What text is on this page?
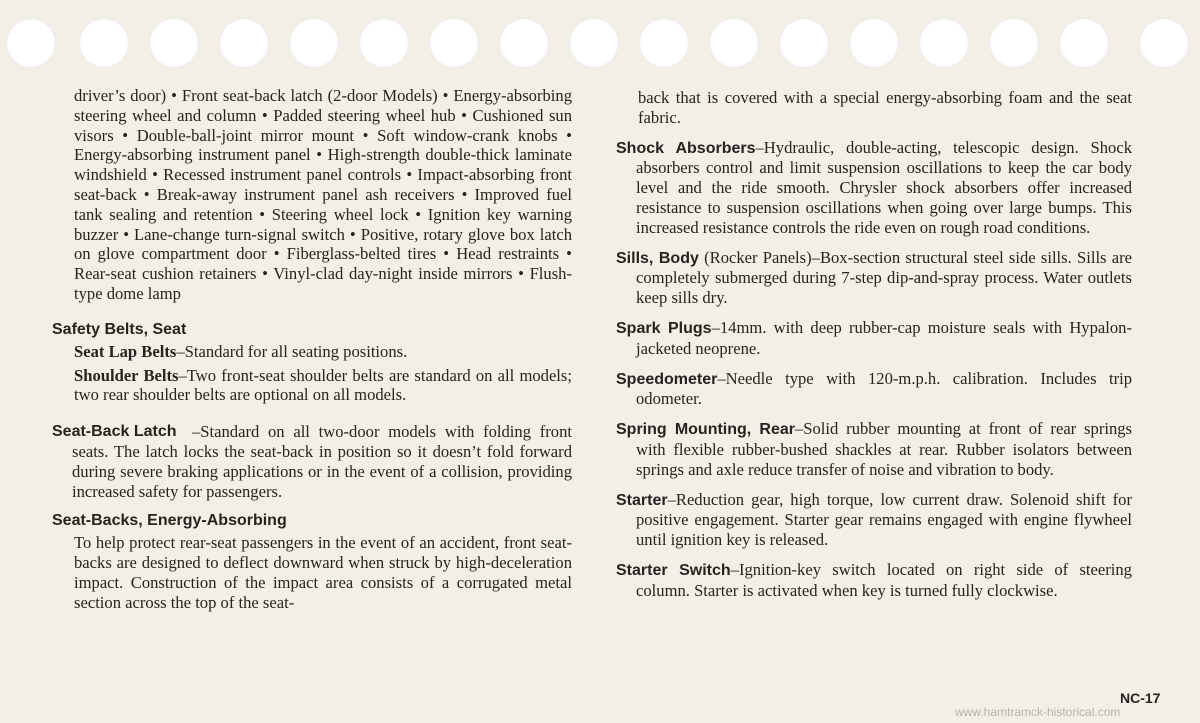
driver’s door) • Front seat-back latch (2-door Models) • Energy-absorbing steering wheel and column • Padded steering wheel hub • Cushioned sun visors • Double-ball-joint mirror mount • Soft window-crank knobs • Energy-absorbing instrument panel • High-strength double-thick laminate windshield • Recessed instrument panel controls • Impact-absorbing front seat-back • Break-away instrument panel ash receivers • Improved fuel tank sealing and retention • Steering wheel lock • Ignition key warning buzzer • Lane-change turn-signal switch • Positive, rotary glove box latch on glove compartment door • Fiberglass-belted tires • Head restraints • Rear-seat cushion retainers • Vinyl-clad day-night inside mirrors • Flush-type dome lamp

Safety Belts, Seat

Seat Lap Belts–Standard for all seating positions.

Shoulder Belts–Two front-seat shoulder belts are standard on all models; two rear shoulder belts are optional on all models.

Seat-Back Latch –Standard on all two-door models with folding front seats. The latch locks the seat-back in position so it doesn’t fold forward during severe braking applications or in the event of a collision, providing increased safety for passengers.

Seat-Backs, Energy-Absorbing

To help protect rear-seat passengers in the event of an accident, front seat-backs are designed to deflect downward when struck by high-deceleration impact. Construction of the impact area consists of a corrugated metal section across the top of the seat-

back that is covered with a special energy-absorbing foam and the seat fabric.

Shock Absorbers–Hydraulic, double-acting, telescopic design. Shock absorbers control and limit suspension oscillations to keep the car body level and the ride smooth. Chrysler shock absorbers offer increased resistance to suspension oscillations when going over large bumps. This increased resistance controls the ride even on rough road conditions.

Sills, Body (Rocker Panels)–Box-section structural steel side sills. Sills are completely submerged during 7-step dip-and-spray process. Water outlets keep sills dry.

Spark Plugs–14mm. with deep rubber-cap moisture seals with Hypalon-jacketed neoprene.

Speedometer–Needle type with 120-m.p.h. calibration. Includes trip odometer.

Spring Mounting, Rear–Solid rubber mounting at front of rear springs with flexible rubber-bushed shackles at rear. Rubber isolators between springs and axle reduce transfer of noise and vibration to body.

Starter–Reduction gear, high torque, low current draw. Solenoid shift for positive engagement. Starter gear remains engaged with engine flywheel until ignition key is released.

Starter Switch–Ignition-key switch located on right side of steering column. Starter is activated when key is turned fully clockwise.

NC-17
www.hamtramck-historical.com
